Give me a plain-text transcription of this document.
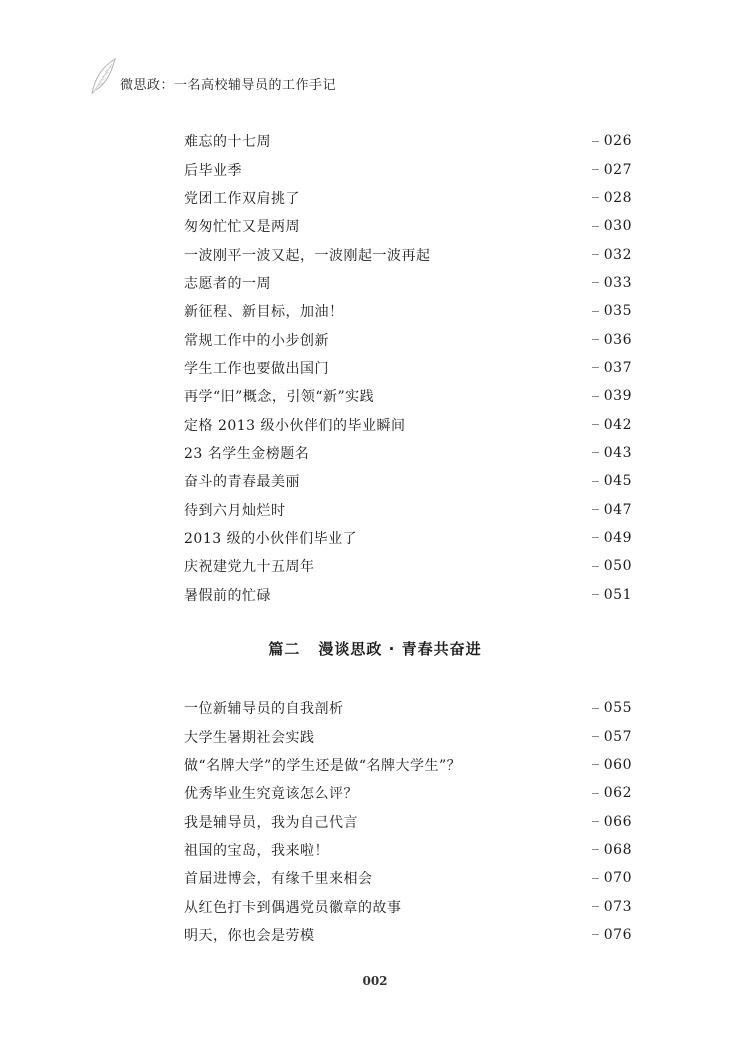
微思政：一名高校辅导员的工作手记
难忘的十七周	026
后毕业季	027
党团工作双肩挑了	028
匆匆忙忙又是两周	030
一波刚平一波又起，一波刚起一波再起	032
志愿者的一周	033
新征程、新目标，加油！	035
常规工作中的小步创新	036
学生工作也要做出国门	037
再学“旧”概念，引领“新”实践	039
定格 2013 级小伙伴们的毕业瞬间	042
23 名学生金榜题名	043
奋斗的青春最美丽	045
待到六月灿烂时	047
2013 级的小伙伴们毕业了	049
庆祝建党九十五周年	050
暑假前的忙碌	051
篇二 漫谈思政 · 青春共奋进
一位新辅导员的自我剖析	055
大学生暑期社会实践	057
做“名牌大学”的学生还是做“名牌大学生”？	060
优秀毕业生究竟该怎么评？	062
我是辅导员，我为自己代言	066
祖国的宝岛，我来啦！	068
首届进博会，有缘千里来相会	070
从红色打卡到偶遇党员徽章的故事	073
明天，你也会是劳模	076
002
